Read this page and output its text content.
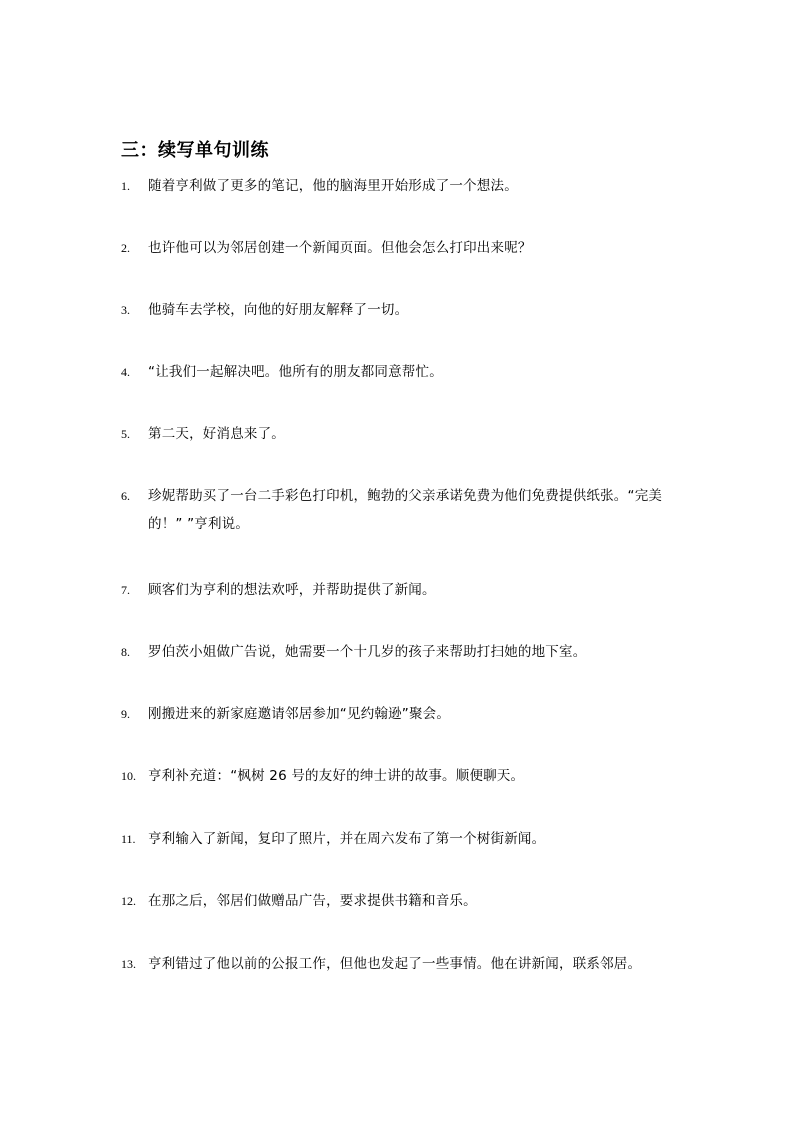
三：续写单句训练
1. 随着亨利做了更多的笔记，他的脑海里开始形成了一个想法。
2. 也许他可以为邻居创建一个新闻页面。但他会怎么打印出来呢？
3. 他骑车去学校，向他的好朋友解释了一切。
4. “让我们一起解决吧。他所有的朋友都同意帮忙。
5. 第二天，好消息来了。
6. 珍妮帮助买了一台二手彩色打印机，鲍勃的父亲承诺免费为他们免费提供纸张。“完美的！” ”亨利说。
7. 顾客们为亨利的想法欢呼，并帮助提供了新闻。
8. 罗伯茨小姐做广告说，她需要一个十几岁的孩子来帮助打扫她的地下室。
9. 刚搬进来的新家庭邀请邻居参加“见约翰逊”聚会。
10. 亨利补充道：“枫树 26 号的友好的绅士讲的故事。顺便聊天。
11. 亨利输入了新闻，复印了照片，并在周六发布了第一个树街新闻。
12. 在那之后，邻居们做赠品广告，要求提供书籍和音乐。
13. 亨利错过了他以前的公报工作，但他也发起了一些事情。他在讲新闻，联系邻居。
